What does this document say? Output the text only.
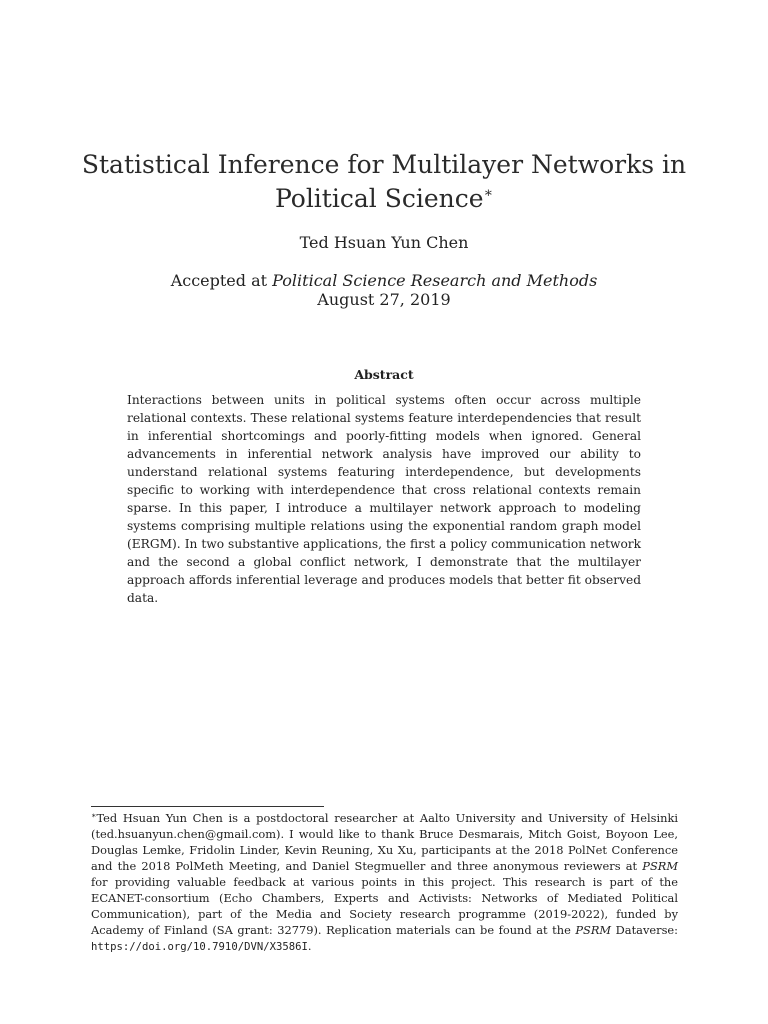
Statistical Inference for Multilayer Networks in Political Science∗
Ted Hsuan Yun Chen
Accepted at Political Science Research and Methods
August 27, 2019
Abstract

Interactions between units in political systems often occur across multiple relational contexts. These relational systems feature interdependencies that result in inferential shortcomings and poorly-fitting models when ignored. General advancements in inferential network analysis have improved our ability to understand relational systems featuring interdependence, but developments specific to working with interdependence that cross relational contexts remain sparse. In this paper, I introduce a multilayer network approach to modeling systems comprising multiple relations using the exponential random graph model (ERGM). In two substantive applications, the first a policy communication network and the second a global conflict network, I demonstrate that the multilayer approach affords inferential leverage and produces models that better fit observed data.

∗Ted Hsuan Yun Chen is a postdoctoral researcher at Aalto University and University of Helsinki (ted.hsuanyun.chen@gmail.com). I would like to thank Bruce Desmarais, Mitch Goist, Boyoon Lee, Douglas Lemke, Fridolin Linder, Kevin Reuning, Xu Xu, participants at the 2018 PolNet Conference and the 2018 PolMeth Meeting, and Daniel Stegmueller and three anonymous reviewers at PSRM for providing valuable feedback at various points in this project. This research is part of the ECANET-consortium (Echo Chambers, Experts and Activists: Networks of Mediated Political Communication), part of the Media and Society research programme (2019-2022), funded by Academy of Finland (SA grant: 32779). Replication materials can be found at the PSRM Dataverse: https://doi.org/10.7910/DVN/X3586I.
